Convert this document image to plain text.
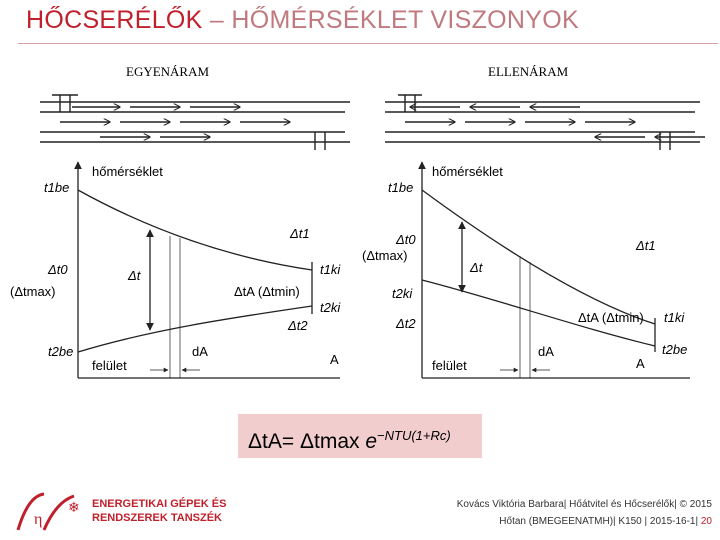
HŐCSERÉLŐK – HŐMÉRSÉKLET VISZONYOK
EGYENÁRAM
hőmérséklet
t1be
Δt0	Δt
Δt1
t1ki
t2ki
Δt2
t2be
felület
dA
A
(Δtmax)	ΔtA (Δtmin)
ELLENÁRAM
hőmérséklet
t1be
Δt0
Δt
Δt1
t2ki
Δt2	t1ki
t2be
felület
dA
A
(Δtmax)
ΔtA (Δtmin)
ΔtA= Δtmax $e^{-NTU(1+Rc)}$
η
❄ ENERGETIKAI GÉPEK ÉS
RENDSZEREK TANSZÉK
Kovács Viktória Barbara| Hőátvitel és Hőcserélők| © 2015
Hőtan (BMEGEENATMH)| K150 | 2015-16-1| 20
